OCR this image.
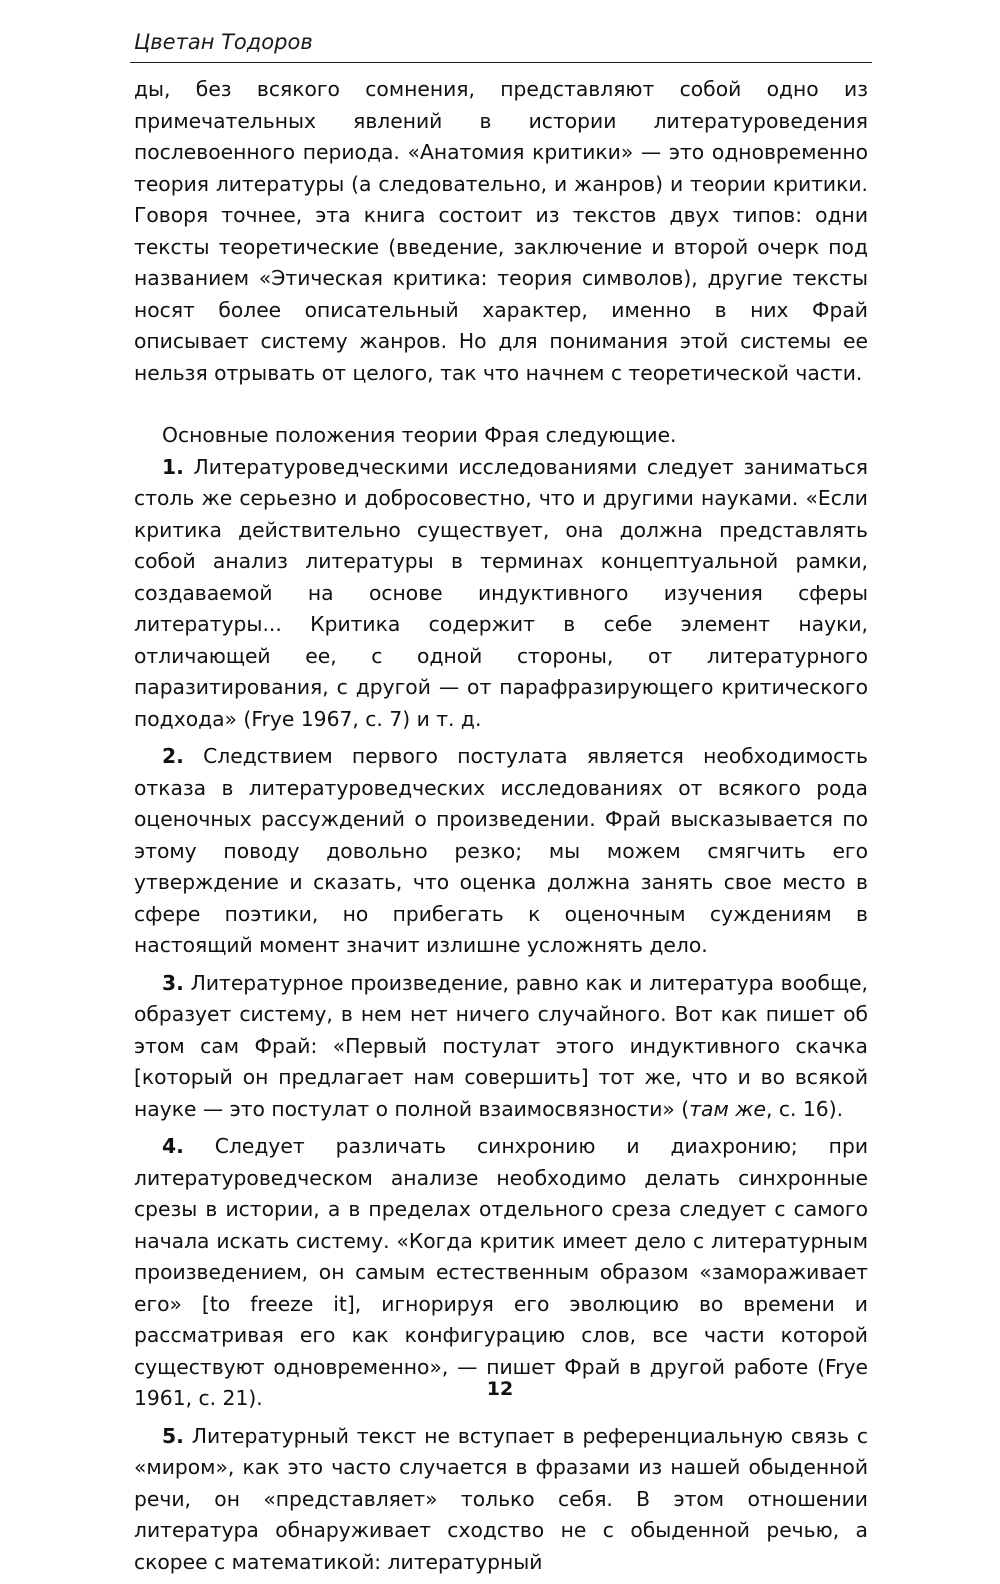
Цветан Тодоров

ды, без всякого сомнения, представляют собой одно из примечательных явлений в истории литературоведения послевоенного периода. «Анатомия критики» — это одновременно теория литературы (а следовательно, и жанров) и теории критики. Говоря точнее, эта книга состоит из текстов двух типов: одни тексты теоретические (введение, заключение и второй очерк под названием «Этическая критика: теория символов), другие тексты носят более описательный характер, именно в них Фрай описывает систему жанров. Но для понимания этой системы ее нельзя отрывать от целого, так что начнем с теоретической части.

Основные положения теории Фрая следующие.

1. Литературоведческими исследованиями следует заниматься столь же серьезно и добросовестно, что и другими науками. «Если критика действительно существует, она должна представлять собой анализ литературы в терминах концептуальной рамки, создаваемой на основе индуктивного изучения сферы литературы... Критика содержит в себе элемент науки, отличающей ее, с одной стороны, от литературного паразитирования, с другой — от парафразирующего критического подхода» (Frye 1967, с. 7) и т. д.

2. Следствием первого постулата является необходимость отказа в литературоведческих исследованиях от всякого рода оценочных рассуждений о произведении. Фрай высказывается по этому поводу довольно резко; мы можем смягчить его утверждение и сказать, что оценка должна занять свое место в сфере поэтики, но прибегать к оценочным суждениям в настоящий момент значит излишне усложнять дело.

3. Литературное произведение, равно как и литература вообще, образует систему, в нем нет ничего случайного. Вот как пишет об этом сам Фрай: «Первый постулат этого индуктивного скачка [который он предлагает нам совершить] тот же, что и во всякой науке — это постулат о полной взаимосвязности» (там же, с. 16).

4. Следует различать синхронию и диахронию; при литературоведческом анализе необходимо делать синхронные срезы в истории, а в пределах отдельного среза следует с самого начала искать систему. «Когда критик имеет дело с литературным произведением, он самым естественным образом «замораживает его» [to freeze it], игнорируя его эволюцию во времени и рассматривая его как конфигурацию слов, все части которой существуют одновременно», — пишет Фрай в другой работе (Frye 1961, с. 21).

5. Литературный текст не вступает в референциальную связь с «миром», как это часто случается в фразами из нашей обыденной речи, он «представляет» только себя. В этом отношении литература обнаруживает сходство не с обыденной речью, а скорее с математикой: литературный

12
